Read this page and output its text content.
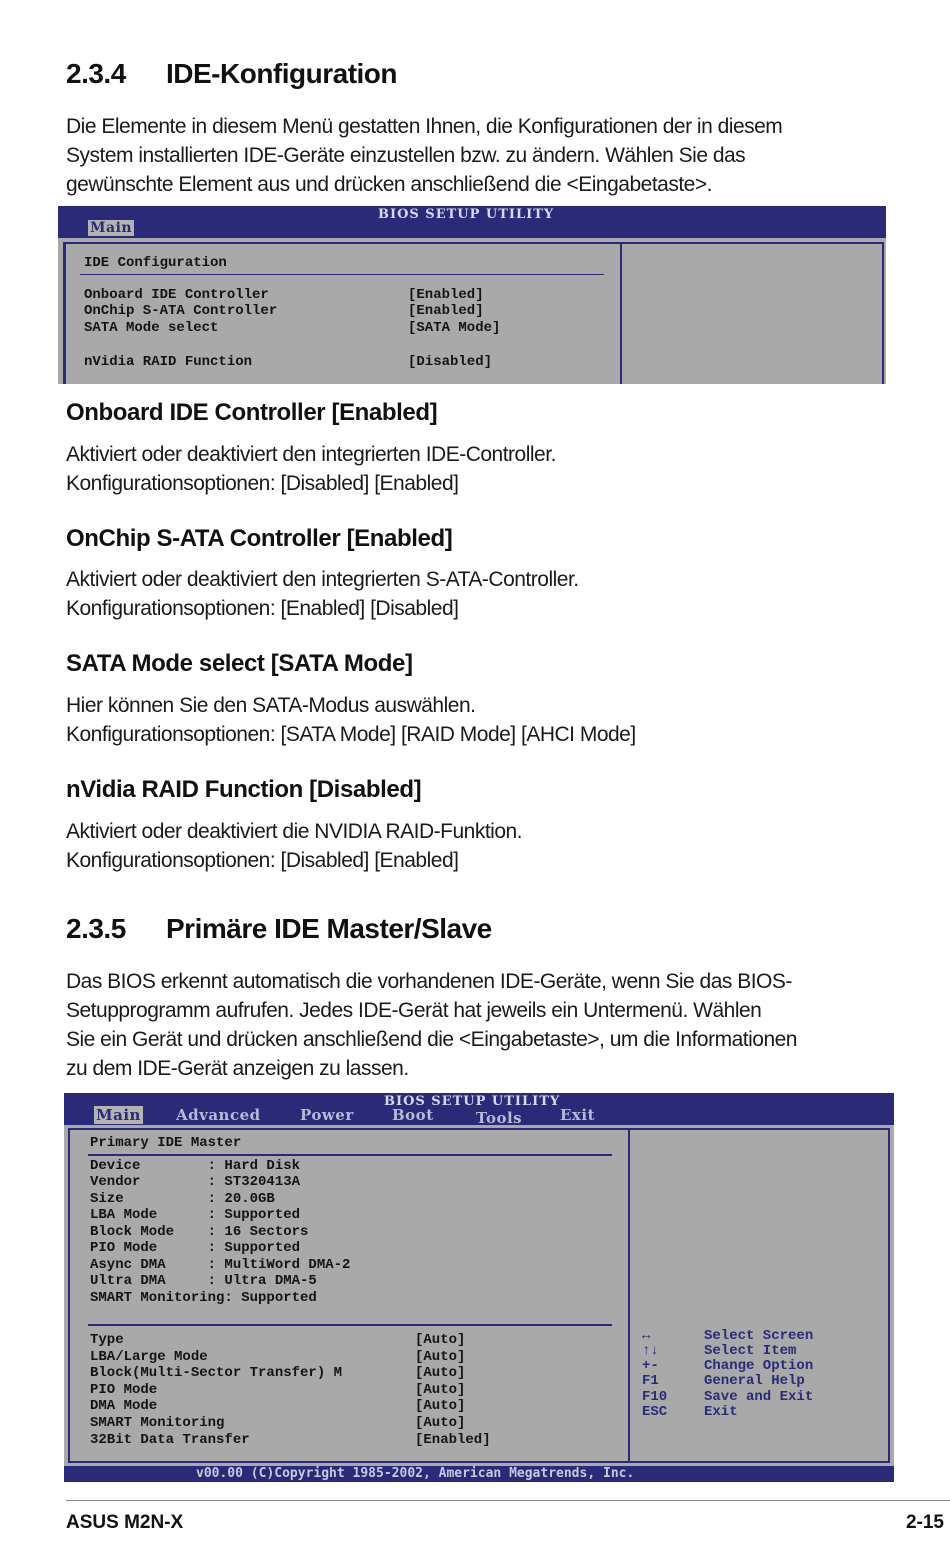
2.3.4 IDE-Konfiguration

Die Elemente in diesem Menü gestatten Ihnen, die Konfigurationen der in diesem
System installierten IDE-Geräte einzustellen bzw. zu ändern. Wählen Sie das
gewünschte Element aus und drücken anschließend die <Eingabetaste>.

BIOS SETUP UTILITY
Main
IDE Configuration
Onboard IDE Controller	[Enabled]
OnChip S-ATA Controller	[Enabled]
SATA Mode select	[SATA Mode]
nVidia RAID Function	[Disabled]
Onboard IDE Controller [Enabled]

Aktiviert oder deaktiviert den integrierten IDE-Controller.
Konfigurationsoptionen: [Disabled] [Enabled]

OnChip S-ATA Controller [Enabled]

Aktiviert oder deaktiviert den integrierten S-ATA-Controller.
Konfigurationsoptionen: [Enabled] [Disabled]

SATA Mode select [SATA Mode]

Hier können Sie den SATA-Modus auswählen.
Konfigurationsoptionen: [SATA Mode] [RAID Mode] [AHCI Mode]

nVidia RAID Function [Disabled]

Aktiviert oder deaktiviert die NVIDIA RAID-Funktion.
Konfigurationsoptionen: [Disabled] [Enabled]

2.3.5 Primäre IDE Master/Slave

Das BIOS erkennt automatisch die vorhandenen IDE-Geräte, wenn Sie das BIOS-
Setupprogramm aufrufen. Jedes IDE-Gerät hat jeweils ein Untermenü. Wählen
Sie ein Gerät und drücken anschließend die <Eingabetaste>, um die Informationen
zu dem IDE-Gerät anzeigen zu lassen.

BIOS SETUP UTILITY
Main Advanced	Power	Boot	Tools	Exit
Primary IDE Master
Device        : Hard Disk
Vendor        : ST320413A
Size          : 20.0GB
LBA Mode      : Supported
Block Mode    : 16 Sectors
PIO Mode      : Supported
Async DMA     : MultiWord DMA-2
Ultra DMA     : Ultra DMA-5
SMART Monitoring: Supported
Type	[Auto]
LBA/Large Mode	[Auto]
Block(Multi-Sector Transfer) M	[Auto]
PIO Mode	[Auto]
DMA Mode	[Auto]
SMART Monitoring	[Auto]
32Bit Data Transfer	[Enabled]
↔	Select Screen
↑↓	Select Item
+-	Change Option
F1	General Help
F10	Save and Exit
ESC	Exit
v00.00 (C)Copyright 1985-2002, American Megatrends, Inc.
ASUS M2N-X	2-15
